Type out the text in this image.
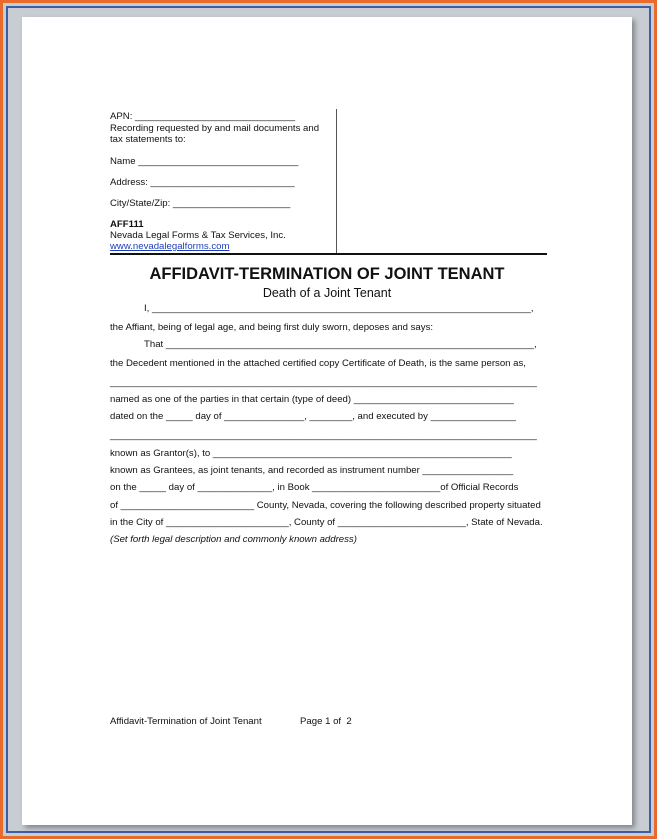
APN: ______________________________
Recording requested by and mail documents and
tax statements to:
Name ______________________________
Address: ___________________________
City/State/Zip: ______________________
AFF111
Nevada Legal Forms & Tax Services, Inc.
www.nevadalegalforms.com
AFFIDAVIT-TERMINATION OF JOINT TENANT
Death of a Joint Tenant
I, _______________________________________________________________________,
the Affiant, being of legal age, and being first duly sworn, deposes and says:
That _____________________________________________________________________,
the Decedent mentioned in the attached certified copy Certificate of Death, is the same person as,
________________________________________________________________________________
named as one of the parties in that certain (type of deed) ______________________________
dated on the _____ day of _______________, ________, and executed by ________________
________________________________________________________________________________
known as Grantor(s), to ________________________________________________________
known as Grantees, as joint tenants, and recorded as instrument number _________________
on the _____ day of ______________, in Book ________________________of Official Records
of _________________________ County, Nevada, covering the following described property situated
in the City of _______________________, County of ________________________, State of Nevada.
(Set forth legal description and commonly known address)
Affidavit-Termination of Joint Tenant	Page 1 of  2
